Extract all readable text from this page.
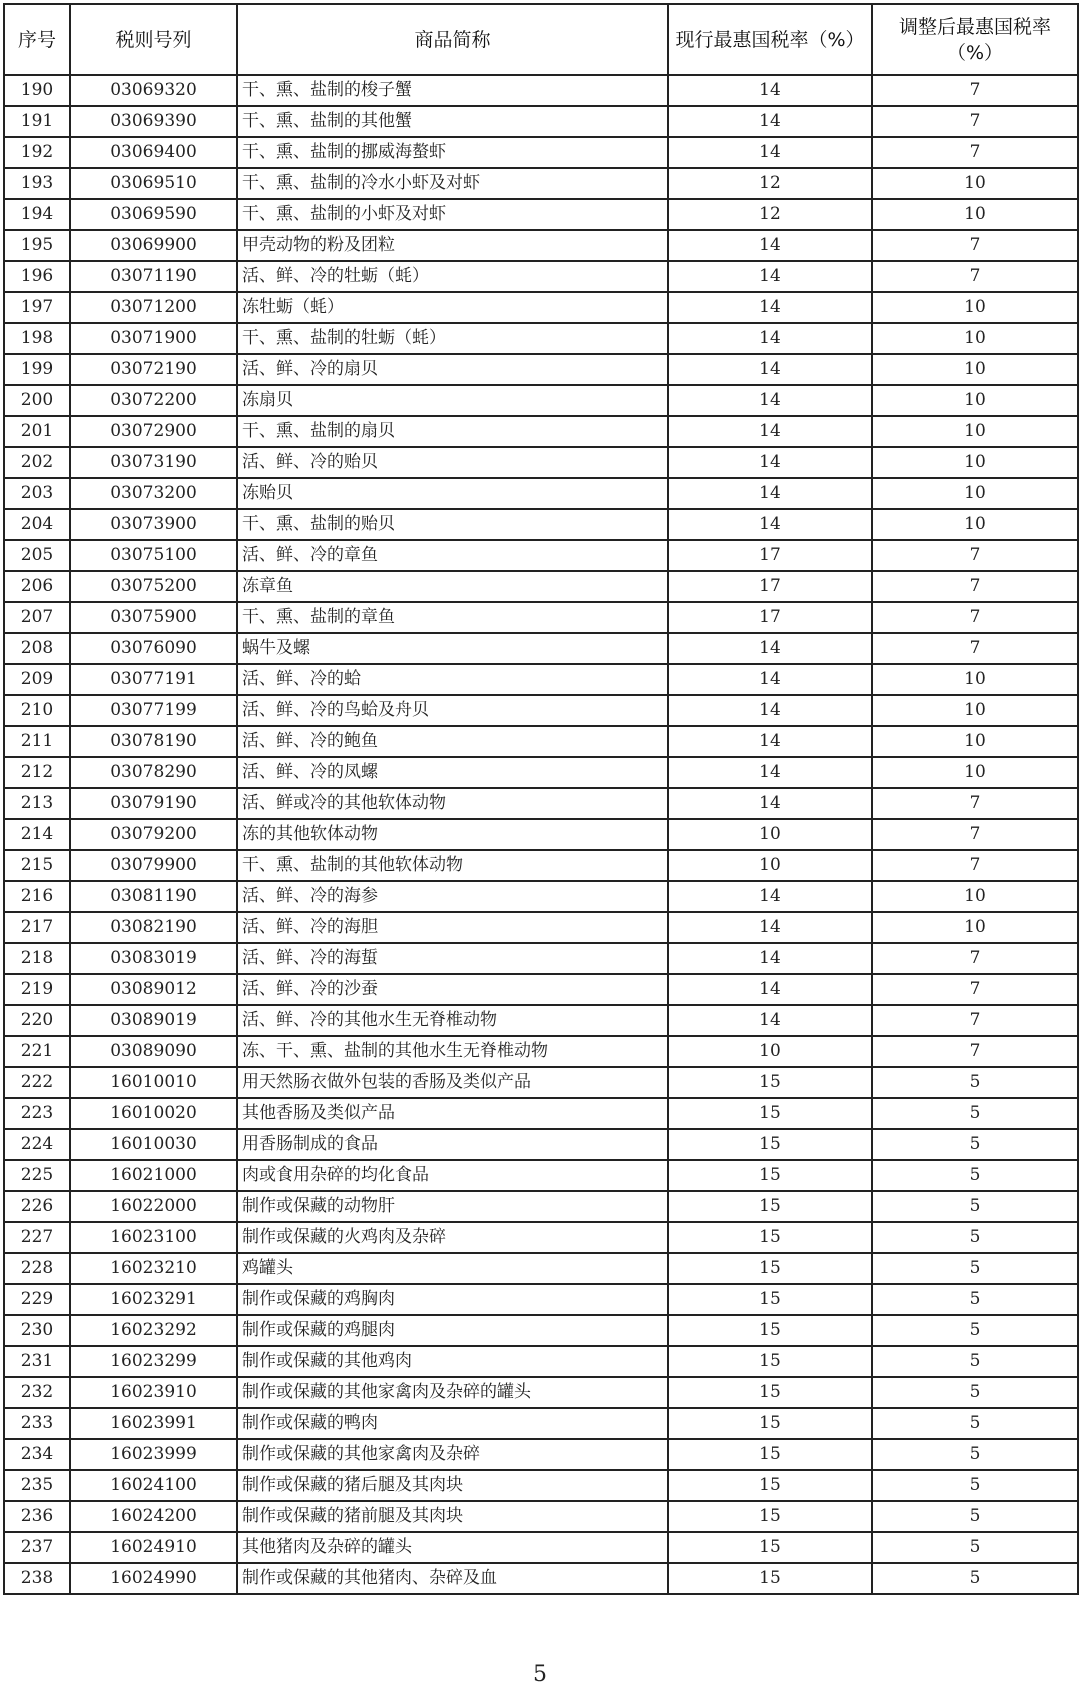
序号	税则号列	商品简称	现行最惠国税率（%）	调整后最惠国税率（%）
190	03069320	干、熏、盐制的梭子蟹	14	7
191	03069390	干、熏、盐制的其他蟹	14	7
192	03069400	干、熏、盐制的挪威海螯虾	14	7
193	03069510	干、熏、盐制的冷水小虾及对虾	12	10
194	03069590	干、熏、盐制的小虾及对虾	12	10
195	03069900	甲壳动物的粉及团粒	14	7
196	03071190	活、鲜、冷的牡蛎（蚝）	14	7
197	03071200	冻牡蛎（蚝）	14	10
198	03071900	干、熏、盐制的牡蛎（蚝）	14	10
199	03072190	活、鲜、冷的扇贝	14	10
200	03072200	冻扇贝	14	10
201	03072900	干、熏、盐制的扇贝	14	10
202	03073190	活、鲜、冷的贻贝	14	10
203	03073200	冻贻贝	14	10
204	03073900	干、熏、盐制的贻贝	14	10
205	03075100	活、鲜、冷的章鱼	17	7
206	03075200	冻章鱼	17	7
207	03075900	干、熏、盐制的章鱼	17	7
208	03076090	蜗牛及螺	14	7
209	03077191	活、鲜、冷的蛤	14	10
210	03077199	活、鲜、冷的鸟蛤及舟贝	14	10
211	03078190	活、鲜、冷的鲍鱼	14	10
212	03078290	活、鲜、冷的凤螺	14	10
213	03079190	活、鲜或冷的其他软体动物	14	7
214	03079200	冻的其他软体动物	10	7
215	03079900	干、熏、盐制的其他软体动物	10	7
216	03081190	活、鲜、冷的海参	14	10
217	03082190	活、鲜、冷的海胆	14	10
218	03083019	活、鲜、冷的海蜇	14	7
219	03089012	活、鲜、冷的沙蚕	14	7
220	03089019	活、鲜、冷的其他水生无脊椎动物	14	7
221	03089090	冻、干、熏、盐制的其他水生无脊椎动物	10	7
222	16010010	用天然肠衣做外包装的香肠及类似产品	15	5
223	16010020	其他香肠及类似产品	15	5
224	16010030	用香肠制成的食品	15	5
225	16021000	肉或食用杂碎的均化食品	15	5
226	16022000	制作或保藏的动物肝	15	5
227	16023100	制作或保藏的火鸡肉及杂碎	15	5
228	16023210	鸡罐头	15	5
229	16023291	制作或保藏的鸡胸肉	15	5
230	16023292	制作或保藏的鸡腿肉	15	5
231	16023299	制作或保藏的其他鸡肉	15	5
232	16023910	制作或保藏的其他家禽肉及杂碎的罐头	15	5
233	16023991	制作或保藏的鸭肉	15	5
234	16023999	制作或保藏的其他家禽肉及杂碎	15	5
235	16024100	制作或保藏的猪后腿及其肉块	15	5
236	16024200	制作或保藏的猪前腿及其肉块	15	5
237	16024910	其他猪肉及杂碎的罐头	15	5
238	16024990	制作或保藏的其他猪肉、杂碎及血	15	5
5
